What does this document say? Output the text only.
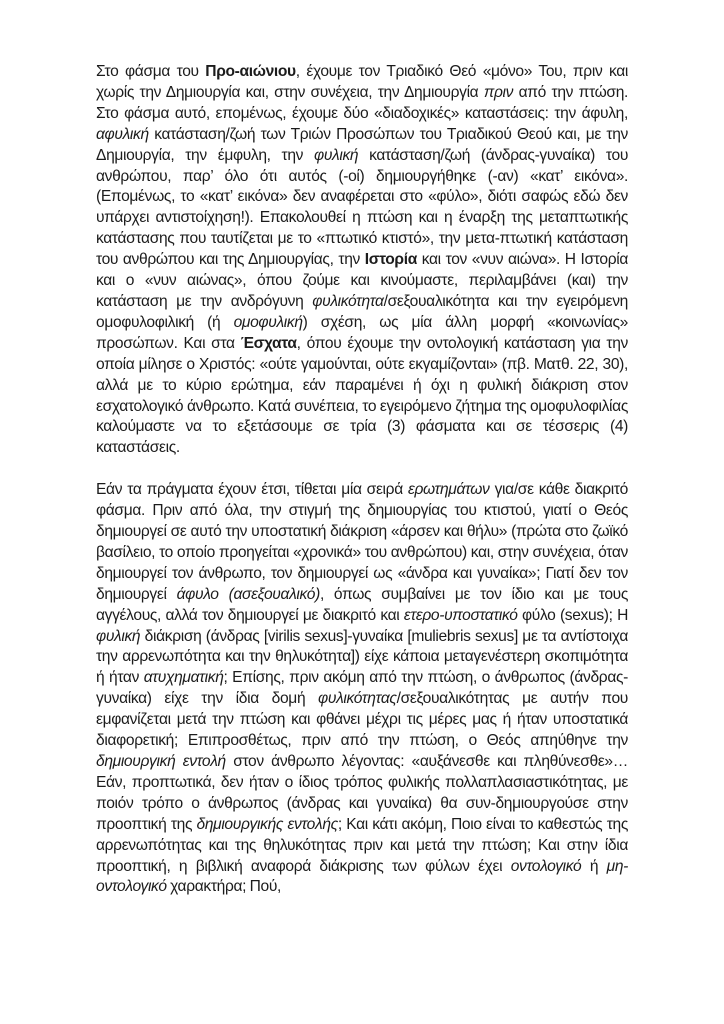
Στο φάσμα του Προ-αιώνιου, έχουμε τον Τριαδικό Θεό «μόνο» Του, πριν και χωρίς την Δημιουργία και, στην συνέχεια, την Δημιουργία πριν από την πτώση. Στο φάσμα αυτό, επομένως, έχουμε δύο «διαδοχικές» καταστάσεις: την άφυλη, αφυλική κατάσταση/ζωή των Τριών Προσώπων του Τριαδικού Θεού και, με την Δημιουργία, την έμφυλη, την φυλική κατάσταση/ζωή (άνδρας-γυναίκα) του ανθρώπου, παρ’ όλο ότι αυτός (-οί) δημιουργήθηκε (-αν) «κατ’ εικόνα». (Επομένως, το «κατ’ εικόνα» δεν αναφέρεται στο «φύλο», διότι σαφώς εδώ δεν υπάρχει αντιστοίχηση!). Επακολουθεί η πτώση και η έναρξη της μεταπτωτικής κατάστασης που ταυτίζεται με το «πτωτικό κτιστό», την μετα-πτωτική κατάσταση του ανθρώπου και της Δημιουργίας, την Ιστορία και τον «νυν αιώνα». Η Ιστορία και ο «νυν αιώνας», όπου ζούμε και κινούμαστε, περιλαμβάνει (και) την κατάσταση με την ανδρόγυνη φυλικότητα/σεξουαλικότητα και την εγειρόμενη ομοφυλοφιλική (ή ομοφυλική) σχέση, ως μία άλλη μορφή «κοινωνίας» προσώπων. Και στα Έσχατα, όπου έχουμε την οντολογική κατάσταση για την οποία μίλησε ο Χριστός: «ούτε γαμούνται, ούτε εκγαμίζονται» (πβ. Ματθ. 22, 30), αλλά με το κύριο ερώτημα, εάν παραμένει ή όχι η φυλική διάκριση στον εσχατολογικό άνθρωπο. Κατά συνέπεια, το εγειρόμενο ζήτημα της ομοφυλοφιλίας καλούμαστε να το εξετάσουμε σε τρία (3) φάσματα και σε τέσσερις (4) καταστάσεις.

Εάν τα πράγματα έχουν έτσι, τίθεται μία σειρά ερωτημάτων για/σε κάθε διακριτό φάσμα. Πριν από όλα, την στιγμή της δημιουργίας του κτιστού, γιατί ο Θεός δημιουργεί σε αυτό την υποστατική διάκριση «άρσεν και θήλυ» (πρώτα στο ζωϊκό βασίλειο, το οποίο προηγείται «χρονικά» του ανθρώπου) και, στην συνέχεια, όταν δημιουργεί τον άνθρωπο, τον δημιουργεί ως «άνδρα και γυναίκα»; Γιατί δεν τον δημιουργεί άφυλο (ασεξουαλικό), όπως συμβαίνει με τον ίδιο και με τους αγγέλους, αλλά τον δημιουργεί με διακριτό και ετερο-υποστατικό φύλο (sexus); Η φυλική διάκριση (άνδρας [virilis sexus]-γυναίκα [muliebris sexus] με τα αντίστοιχα την αρρενωπότητα και την θηλυκότητα]) είχε κάποια μεταγενέστερη σκοπιμότητα ή ήταν ατυχηματική; Επίσης, πριν ακόμη από την πτώση, ο άνθρωπος (άνδρας-γυναίκα) είχε την ίδια δομή φυλικότητας/σεξουαλικότητας με αυτήν που εμφανίζεται μετά την πτώση και φθάνει μέχρι τις μέρες μας ή ήταν υποστατικά διαφορετική; Επιπροσθέτως, πριν από την πτώση, ο Θεός απηύθηνε την δημιουργική εντολή στον άνθρωπο λέγοντας: «αυξάνεσθε και πληθύνεσθε»… Εάν, προπτωτικά, δεν ήταν ο ίδιος τρόπος φυλικής πολλαπλασιαστικότητας, με ποιόν τρόπο ο άνθρωπος (άνδρας και γυναίκα) θα συν-δημιουργούσε στην προοπτική της δημιουργικής εντολής; Και κάτι ακόμη, Ποιο είναι το καθεστώς της αρρενωπότητας και της θηλυκότητας πριν και μετά την πτώση; Και στην ίδια προοπτική, η βιβλική αναφορά διάκρισης των φύλων έχει οντολογικό ή μη-οντολογικό χαρακτήρα; Πού,
